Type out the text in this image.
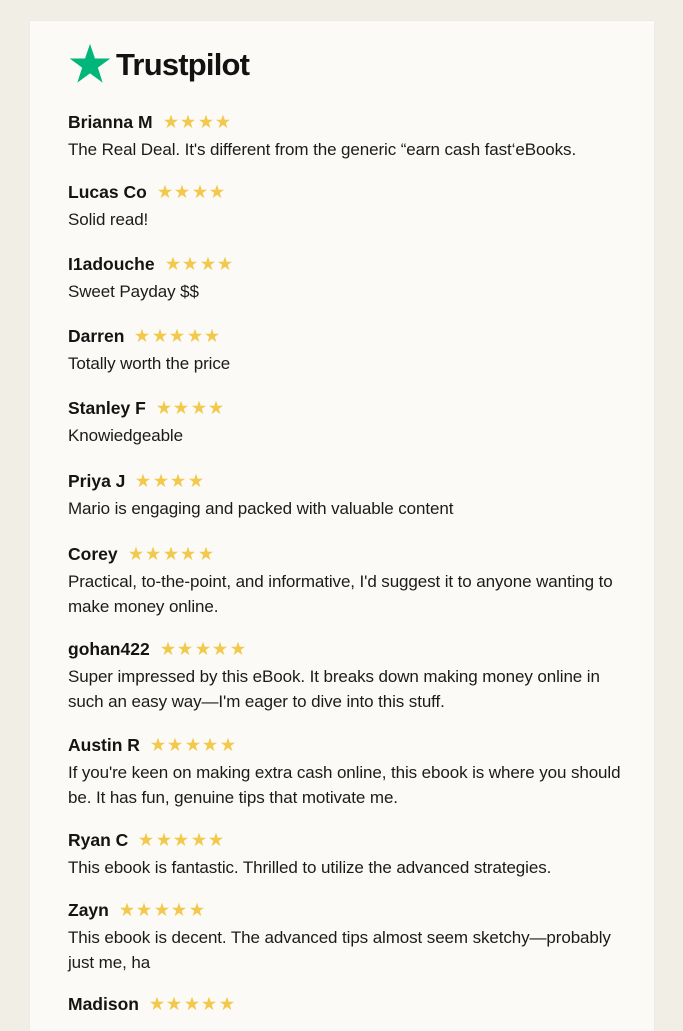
Trustpilot
Brianna M
The Real Deal. It's different from the generic “earn cash fast‘eBooks.
Lucas Co
Solid read!
I1adouche
Sweet Payday $$
Darren
Totally worth the price
Stanley F
Knowiedgeable
Priya J
Mario is engaging and packed with valuable content
Corey
Practical, to-the-point, and informative, I'd suggest it to anyone wanting to make money online.
gohan422
Super impressed by this eBook. It breaks down making money online in such an easy way—I'm eager to dive into this stuff.
Austin R
If you're keen on making extra cash online, this ebook is where you should be. It has fun, genuine tips that motivate me.
Ryan C
This ebook is fantastic. Thrilled to utilize the advanced strategies.
Zayn
This ebook is decent. The advanced tips almost seem sketchy—probably just me, ha
Madison
